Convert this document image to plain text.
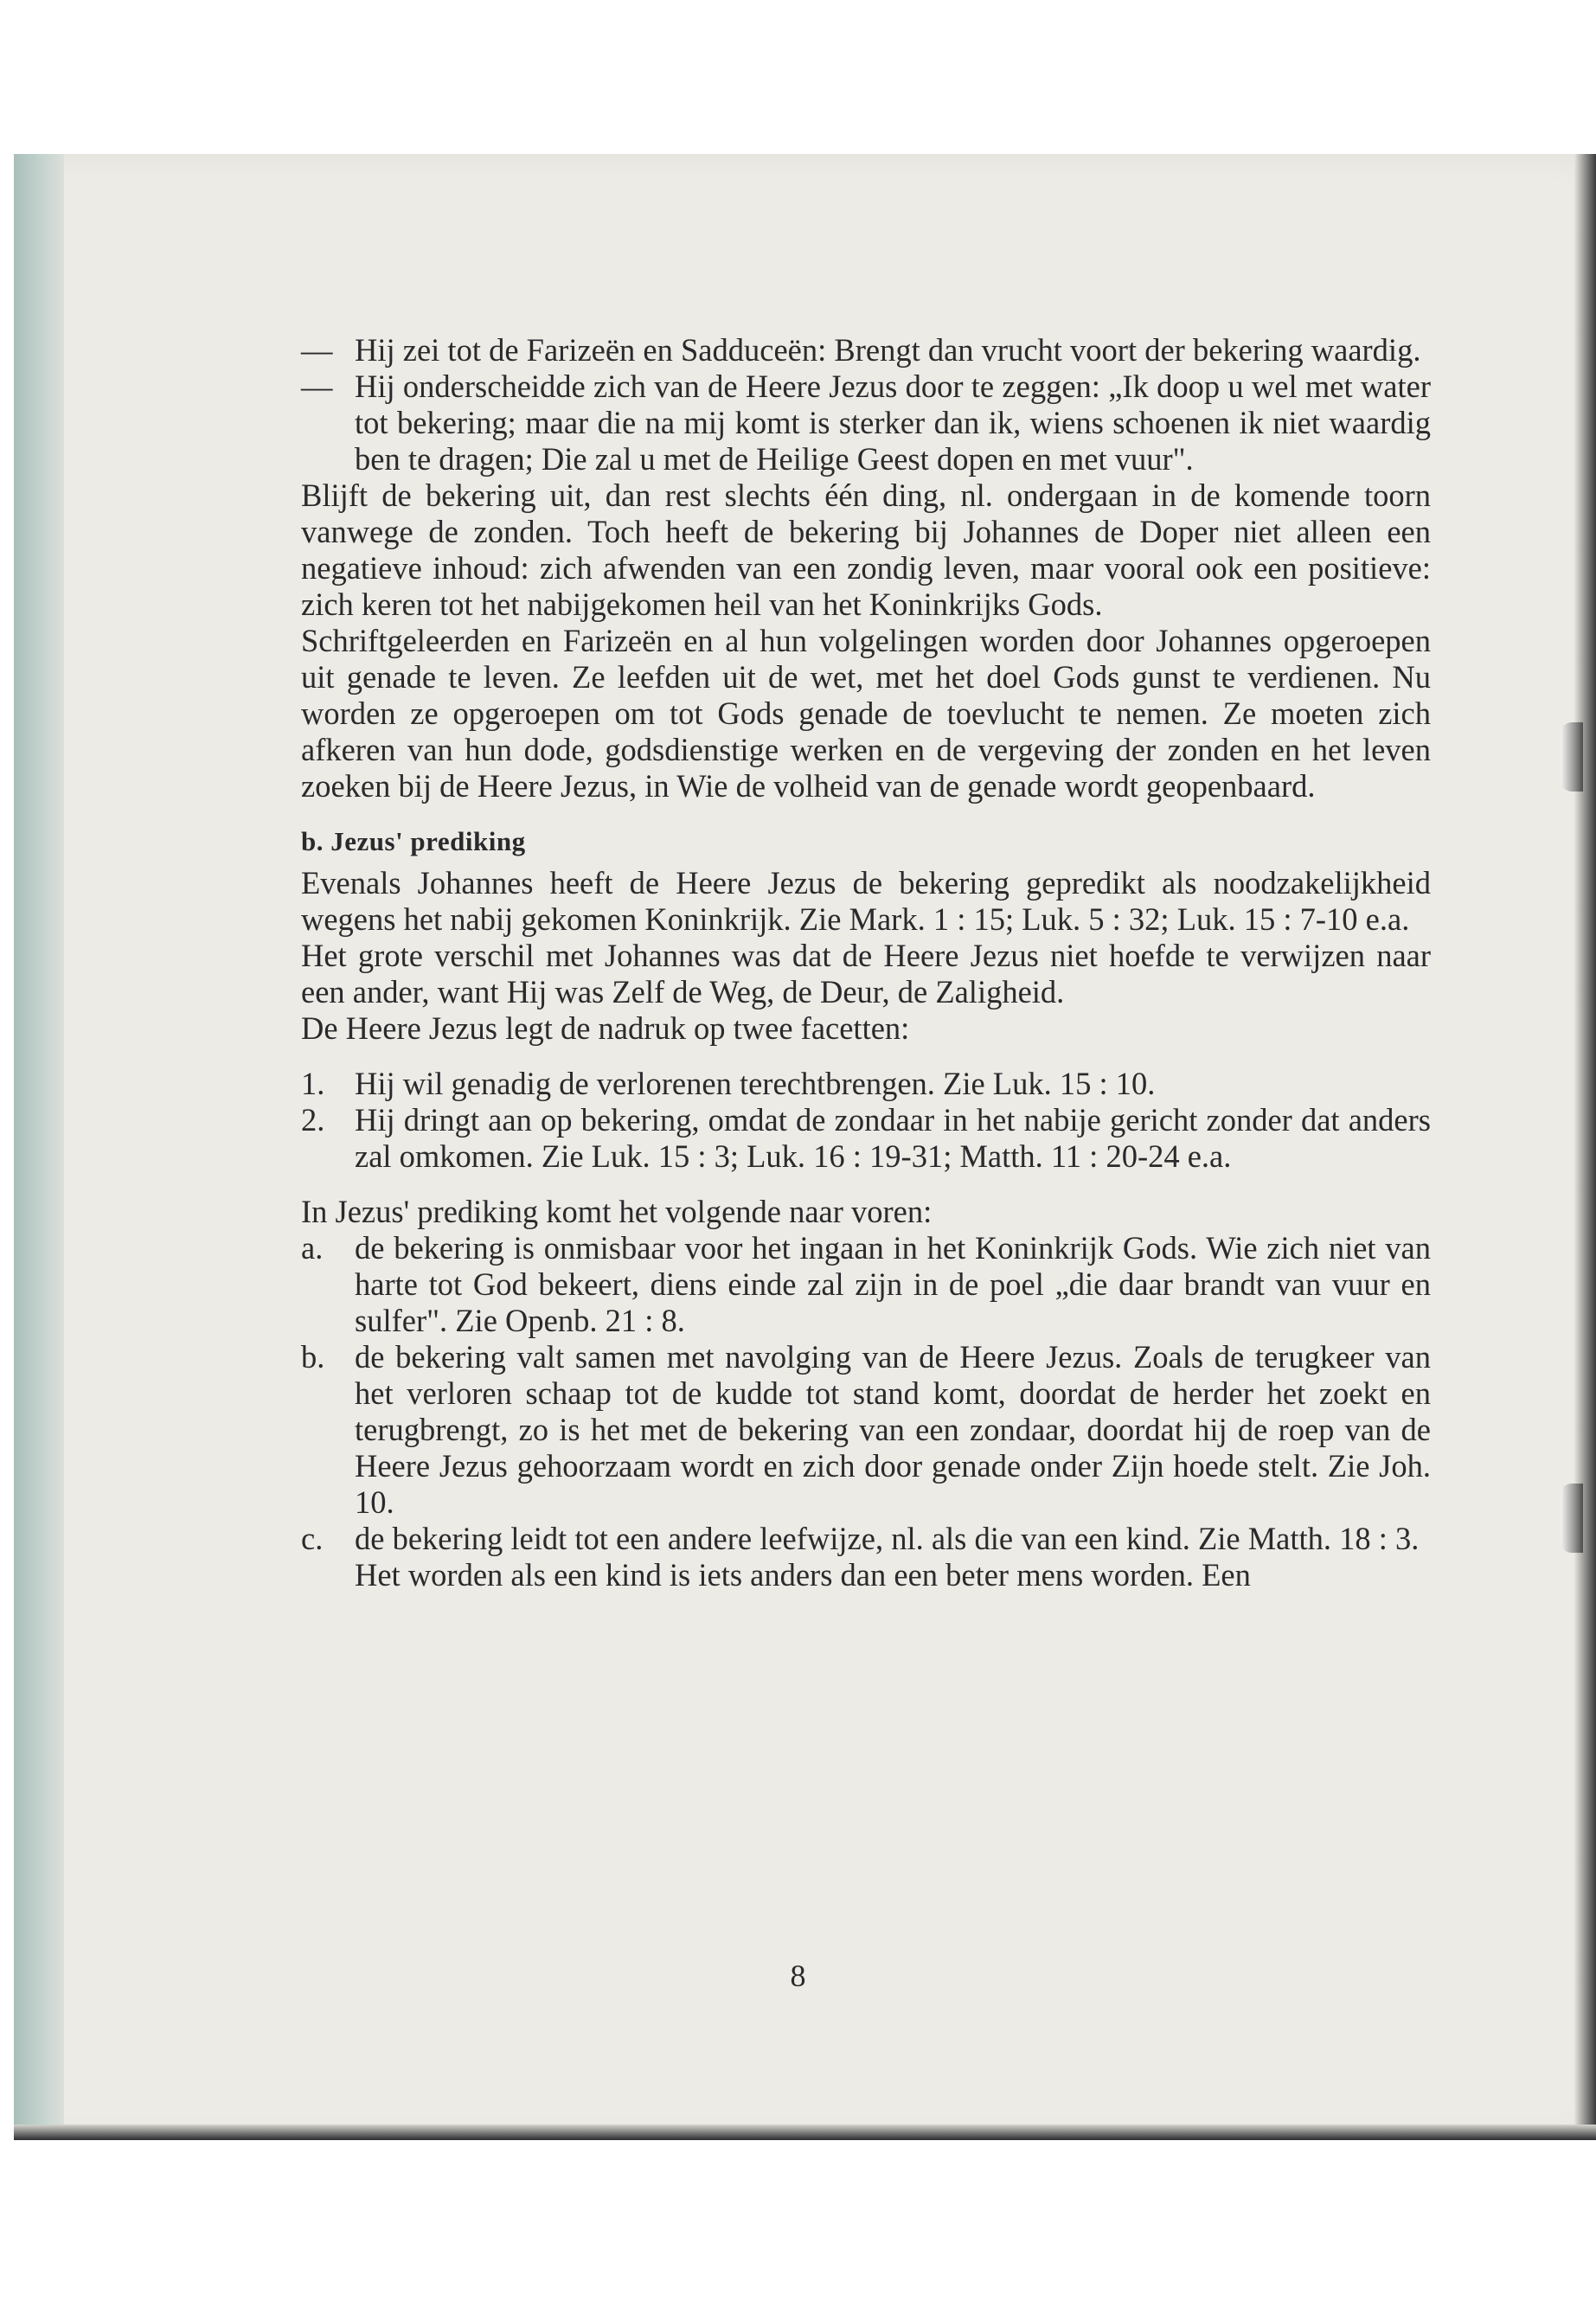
— Hij zei tot de Farizeën en Sadduceën: Brengt dan vrucht voort der bekering waardig.

— Hij onderscheidde zich van de Heere Jezus door te zeggen: „Ik doop u wel met water tot bekering; maar die na mij komt is sterker dan ik, wiens schoenen ik niet waardig ben te dragen; Die zal u met de Heilige Geest dopen en met vuur".

Blijft de bekering uit, dan rest slechts één ding, nl. ondergaan in de komende toorn vanwege de zonden. Toch heeft de bekering bij Johannes de Doper niet alleen een negatieve inhoud: zich afwenden van een zondig leven, maar vooral ook een positieve: zich keren tot het nabijgekomen heil van het Koninkrijks Gods.

Schriftgeleerden en Farizeën en al hun volgelingen worden door Johannes opgeroepen uit genade te leven. Ze leefden uit de wet, met het doel Gods gunst te verdienen. Nu worden ze opgeroepen om tot Gods genade de toevlucht te nemen. Ze moeten zich afkeren van hun dode, godsdienstige werken en de vergeving der zonden en het leven zoeken bij de Heere Jezus, in Wie de volheid van de genade wordt geopenbaard.

b. Jezus' prediking

Evenals Johannes heeft de Heere Jezus de bekering gepredikt als noodzakelijkheid wegens het nabij gekomen Koninkrijk. Zie Mark. 1 : 15; Luk. 5 : 32; Luk. 15 : 7-10 e.a.

Het grote verschil met Johannes was dat de Heere Jezus niet hoefde te verwijzen naar een ander, want Hij was Zelf de Weg, de Deur, de Zaligheid.

De Heere Jezus legt de nadruk op twee facetten:

1. Hij wil genadig de verlorenen terechtbrengen. Zie Luk. 15 : 10.

2. Hij dringt aan op bekering, omdat de zondaar in het nabije gericht zonder dat anders zal omkomen. Zie Luk. 15 : 3; Luk. 16 : 19-31; Matth. 11 : 20-24 e.a.

In Jezus' prediking komt het volgende naar voren:

a. de bekering is onmisbaar voor het ingaan in het Koninkrijk Gods. Wie zich niet van harte tot God bekeert, diens einde zal zijn in de poel „die daar brandt van vuur en sulfer". Zie Openb. 21 : 8.

b. de bekering valt samen met navolging van de Heere Jezus. Zoals de terugkeer van het verloren schaap tot de kudde tot stand komt, doordat de herder het zoekt en terugbrengt, zo is het met de bekering van een zondaar, doordat hij de roep van de Heere Jezus gehoorzaam wordt en zich door genade onder Zijn hoede stelt. Zie Joh. 10.

c. de bekering leidt tot een andere leefwijze, nl. als die van een kind. Zie Matth. 18 : 3.

Het worden als een kind is iets anders dan een beter mens worden. Een

8
